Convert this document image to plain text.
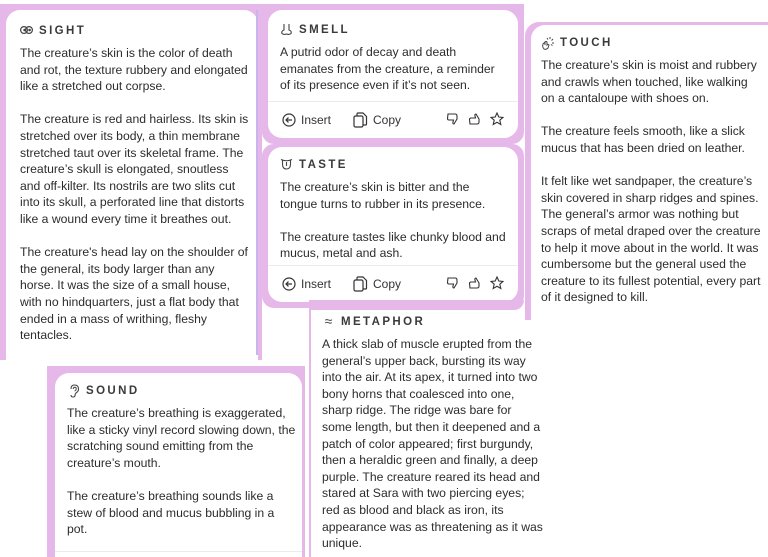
SIGHT

The creature’s skin is the color of death and rot, the texture rubbery and elongated like a stretched out corpse.

The creature is red and hairless. Its skin is stretched over its body, a thin membrane stretched taut over its skeletal frame. The creature’s skull is elongated, snoutless and off-kilter. Its nostrils are two slits cut into its skull, a perforated line that distorts like a wound every time it breathes out.

The creature's head lay on the shoulder of the general, its body larger than any horse. It was the size of a small house, with no hindquarters, just a flat body that ended in a mass of writhing, fleshy tentacles.

SMELL

A putrid odor of decay and death emanates from the creature, a reminder of its presence even if it’s not seen.

Insert	Copy
TASTE

The creature’s skin is bitter and the tongue turns to rubber in its presence.

The creature tastes like chunky blood and mucus, metal and ash.

Insert	Copy
TOUCH

The creature’s skin is moist and rubbery and crawls when touched, like walking on a cantaloupe with shoes on.

The creature feels smooth, like a slick mucus that has been dried on leather.

It felt like wet sandpaper, the creature’s skin covered in sharp ridges and spines. The general’s armor was nothing but scraps of metal draped over the creature to help it move about in the world. It was cumbersome but the general used the creature to its fullest potential, every part of it designed to kill.

≈ METAPHOR

A thick slab of muscle erupted from the general’s upper back, bursting its way into the air. At its apex, it turned into two bony horns that coalesced into one, sharp ridge. The ridge was bare for some length, but then it deepened and a patch of color appeared; first burgundy, then a heraldic green and finally, a deep purple. The creature reared its head and stared at Sara with two piercing eyes; red as blood and black as iron, its appearance was as threatening as it was unique.

SOUND

The creature’s breathing is exaggerated, like a sticky vinyl record slowing down, the scratching sound emitting from the creature’s mouth.

The creature’s breathing sounds like a stew of blood and mucus bubbling in a pot.
